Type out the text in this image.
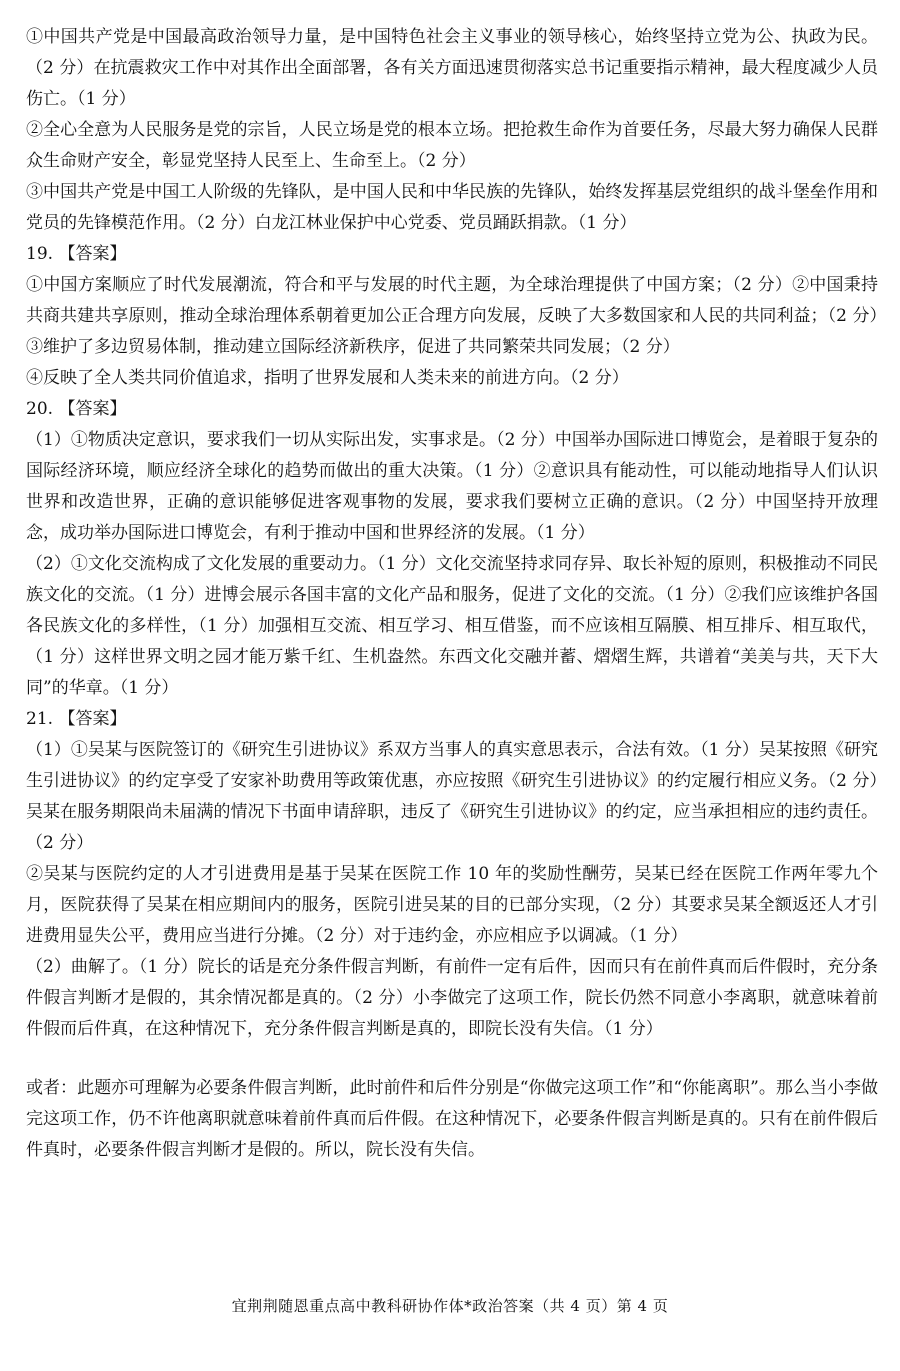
①中国共产党是中国最高政治领导力量，是中国特色社会主义事业的领导核心，始终坚持立党为公、执政为民。（2 分）在抗震救灾工作中对其作出全面部署，各有关方面迅速贯彻落实总书记重要指示精神，最大程度减少人员伤亡。（1 分）

②全心全意为人民服务是党的宗旨，人民立场是党的根本立场。把抢救生命作为首要任务，尽最大努力确保人民群众生命财产安全，彰显党坚持人民至上、生命至上。（2 分）

③中国共产党是中国工人阶级的先锋队，是中国人民和中华民族的先锋队，始终发挥基层党组织的战斗堡垒作用和党员的先锋模范作用。（2 分）白龙江林业保护中心党委、党员踊跃捐款。（1 分）

19. 【答案】

①中国方案顺应了时代发展潮流，符合和平与发展的时代主题，为全球治理提供了中国方案；（2 分）②中国秉持共商共建共享原则，推动全球治理体系朝着更加公正合理方向发展，反映了大多数国家和人民的共同利益；（2 分）③维护了多边贸易体制，推动建立国际经济新秩序，促进了共同繁荣共同发展；（2 分）

④反映了全人类共同价值追求，指明了世界发展和人类未来的前进方向。（2 分）

20. 【答案】

（1）①物质决定意识，要求我们一切从实际出发，实事求是。（2 分）中国举办国际进口博览会，是着眼于复杂的国际经济环境，顺应经济全球化的趋势而做出的重大决策。（1 分）②意识具有能动性，可以能动地指导人们认识世界和改造世界，正确的意识能够促进客观事物的发展，要求我们要树立正确的意识。（2 分）中国坚持开放理念，成功举办国际进口博览会，有利于推动中国和世界经济的发展。（1 分）

（2）①文化交流构成了文化发展的重要动力。（1 分）文化交流坚持求同存异、取长补短的原则，积极推动不同民族文化的交流。（1 分）进博会展示各国丰富的文化产品和服务，促进了文化的交流。（1 分）②我们应该维护各国各民族文化的多样性，（1 分）加强相互交流、相互学习、相互借鉴，而不应该相互隔膜、相互排斥、相互取代，（1 分）这样世界文明之园才能万紫千红、生机盎然。东西文化交融并蓄、熠熠生辉，共谱着“美美与共，天下大同”的华章。（1 分）

21. 【答案】

（1）①吴某与医院签订的《研究生引进协议》系双方当事人的真实意思表示，合法有效。（1 分）吴某按照《研究生引进协议》的约定享受了安家补助费用等政策优惠，亦应按照《研究生引进协议》的约定履行相应义务。（2 分）吴某在服务期限尚未届满的情况下书面申请辞职，违反了《研究生引进协议》的约定，应当承担相应的违约责任。（2 分）

②吴某与医院约定的人才引进费用是基于吴某在医院工作 10 年的奖励性酬劳，吴某已经在医院工作两年零九个月，医院获得了吴某在相应期间内的服务，医院引进吴某的目的已部分实现，（2 分）其要求吴某全额返还人才引进费用显失公平，费用应当进行分摊。（2 分）对于违约金，亦应相应予以调减。（1 分）

（2）曲解了。（1 分）院长的话是充分条件假言判断，有前件一定有后件，因而只有在前件真而后件假时，充分条件假言判断才是假的，其余情况都是真的。（2 分）小李做完了这项工作，院长仍然不同意小李离职，就意味着前件假而后件真，在这种情况下，充分条件假言判断是真的，即院长没有失信。（1 分）

或者：此题亦可理解为必要条件假言判断，此时前件和后件分别是“你做完这项工作”和“你能离职”。那么当小李做完这项工作，仍不许他离职就意味着前件真而后件假。在这种情况下，必要条件假言判断是真的。只有在前件假后件真时，必要条件假言判断才是假的。所以，院长没有失信。

宜荆荆随恩重点高中教科研协作体*政治答案（共 4 页）第 4 页
